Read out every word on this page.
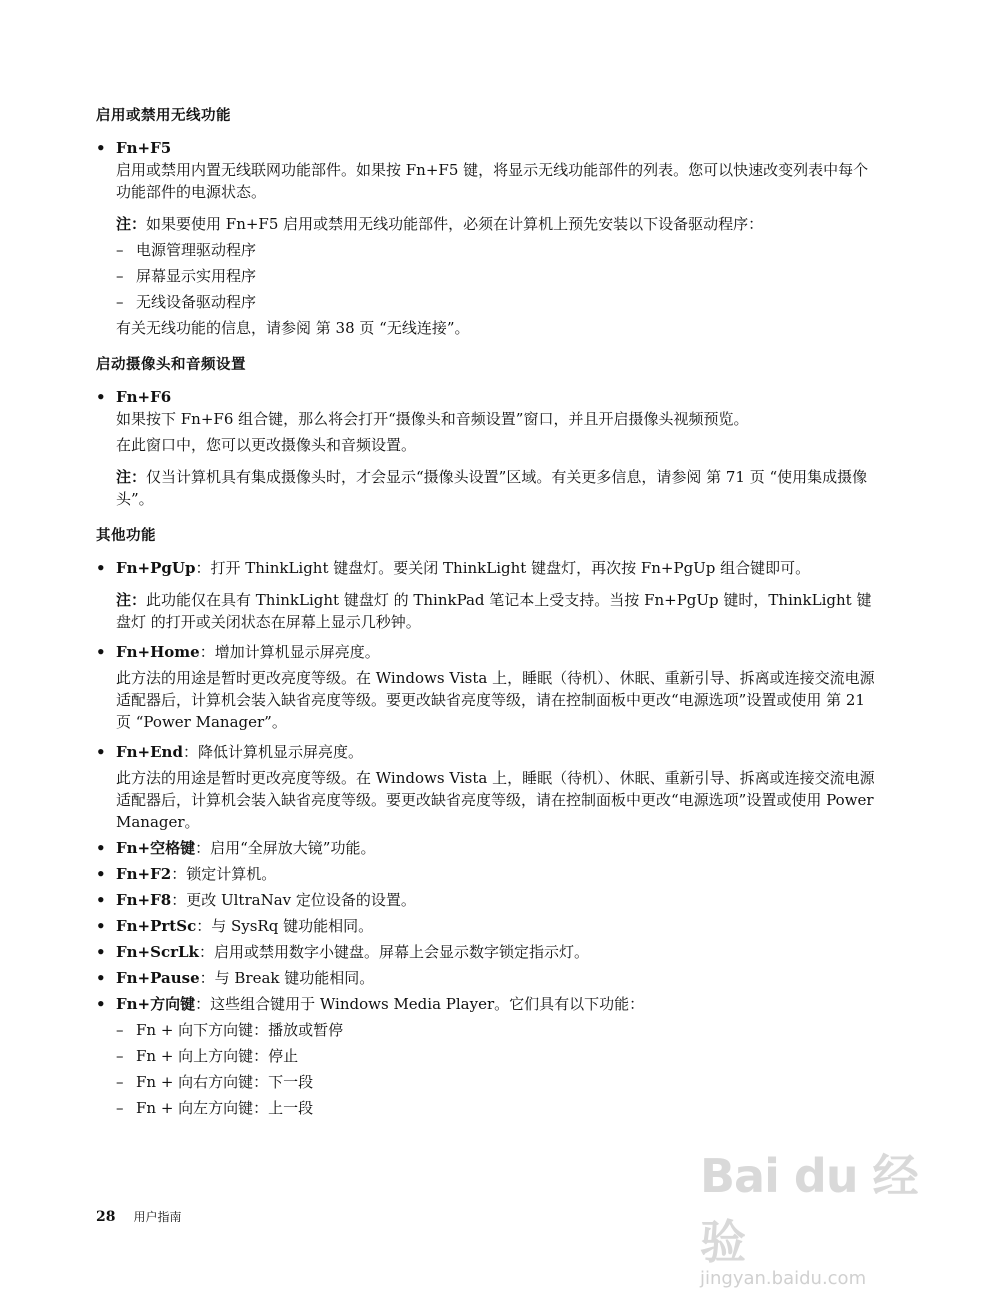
启用或禁用无线功能
• Fn+F5
启用或禁用内置无线联网功能部件。如果按 Fn+F5 键，将显示无线功能部件的列表。您可以快速改变列表中每个功能部件的电源状态。
注：如果要使用 Fn+F5 启用或禁用无线功能部件，必须在计算机上预先安装以下设备驱动程序：
– 电源管理驱动程序
– 屏幕显示实用程序
– 无线设备驱动程序
有关无线功能的信息，请参阅 第 38 页 “无线连接”。
启动摄像头和音频设置
• Fn+F6
如果按下 Fn+F6 组合键，那么将会打开“摄像头和音频设置”窗口，并且开启摄像头视频预览。
在此窗口中，您可以更改摄像头和音频设置。
注：仅当计算机具有集成摄像头时，才会显示“摄像头设置”区域。有关更多信息，请参阅 第 71 页 “使用集成摄像头”。
其他功能
• Fn+PgUp：打开 ThinkLight 键盘灯。要关闭 ThinkLight 键盘灯，再次按 Fn+PgUp 组合键即可。
注：此功能仅在具有 ThinkLight 键盘灯 的 ThinkPad 笔记本上受支持。当按 Fn+PgUp 键时，ThinkLight 键盘灯 的打开或关闭状态在屏幕上显示几秒钟。
• Fn+Home：增加计算机显示屏亮度。
此方法的用途是暂时更改亮度等级。在 Windows Vista 上，睡眠（待机）、休眠、重新引导、拆离或连接交流电源适配器后，计算机会装入缺省亮度等级。要更改缺省亮度等级，请在控制面板中更改“电源选项”设置或使用 第 21 页 “Power Manager”。
• Fn+End：降低计算机显示屏亮度。
此方法的用途是暂时更改亮度等级。在 Windows Vista 上，睡眠（待机）、休眠、重新引导、拆离或连接交流电源适配器后，计算机会装入缺省亮度等级。要更改缺省亮度等级，请在控制面板中更改“电源选项”设置或使用 Power Manager。
• Fn+空格键：启用“全屏放大镜”功能。
• Fn+F2：锁定计算机。
• Fn+F8：更改 UltraNav 定位设备的设置。
• Fn+PrtSc：与 SysRq 键功能相同。
• Fn+ScrLk：启用或禁用数字小键盘。屏幕上会显示数字锁定指示灯。
• Fn+Pause：与 Break 键功能相同。
• Fn+方向键：这些组合键用于 Windows Media Player。它们具有以下功能：
– Fn + 向下方向键：播放或暂停
– Fn + 向上方向键：停止
– Fn + 向右方向键：下一段
– Fn + 向左方向键：上一段
28 用户指南
Bai du 经验
jingyan.baidu.com
